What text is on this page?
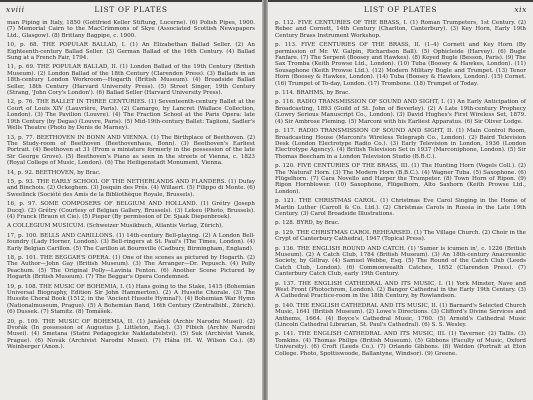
xviii	LIST OF PLATES
man Piping in Italy, 1850 (Gottfried Keller Stiftung, Lucerne). (6) Polish Pipes, 1900. (7) Memorial Cairn to the MacCrimmons of Skye (Associated Scottish Newspapers Ltd., Glasgow). (8) Brittany Bagpipe, c. 1900.
10, p. 68. THE POPULAR BALLAD, I. (1) An Elizabethan Ballad Seller. (2) An Eighteenth-century Ballad Seller. (3) German Ballad of the 16th Century. (4) Ballad Sung at a French Fair, 1794.
11, p. 69. THE POPULAR BALLAD, II. (1) London Ballad of the 19th Century (British Museum). (2) London Ballad of the 18th Century (Clarendon Press). (3) Ballads in an 18th-century London Workroom—Hogarth (British Museum). (4) Broadside Ballad Seller, 18th Century (Harvard University Press). (5) Street Singer, 19th Century (Strang, 'John Cory's London'). (6) Ballad Seller (Harvard University Press).
12, p. 76. THE BALLET IN THREE CENTURIES. (1) Seventeenth-century Ballet at the Court of Louis XIV (Lauvrière, Paris). (2) Camargo, by Lancret (Wallace Collection, London). (3) The Pavilion (Louvre). (4) The Fraction School at the Paris Opera: late 19th Century (by Degas) (Louvre, Paris). (5) Mid-19th-century Ballet: Taglioni, Sadler's Wells Theatre (Photo by Denis de Marney).
13, p. 77. BEETHOVEN IN BONN AND VIENNA. (1) The Birthplace of Beethoven. (2) The Study-room of Beethoven (Beethovenhaus, Bonn). (3) Beethoven's Earliest Portrait. (4) Beethoven at 31 (From a miniature formerly in the possession of the late Sir George Grove). (5) Beethoven's Piano as seen in the streets of Vienna, c. 1823 (Royal College of Music, London). (6) The Heiligenstadt Monument, Vienna.
14, p. 92. BEETHOVEN, by Brac.
15, p. 93. THE EARLY SCHOOL OF THE NETHERLANDS AND FLANDERS. (1) Dufay and Binchois. (2) Ockeghem. (3) Josquin des Prés. (4) Willaert. (5) Filippo di Monte. (6) Sweelinck (Société des Amis de la Bibliothèque Royale, Brussels).
16, p. 97. SOME COMPOSERS OF BELGIUM AND HOLLAND. (1) Grétry (Joseph Ducq). (2) Grétry (Courtesy of Belgian Gallery, Brussels). (3) Lekeu (Photo, Brussels). (4) Franck (Braun et Cie). (5) Pieper (By permission of Dr. Sjaak Diepenbroek).
A COLLEGIUM MUSICUM. (Schweizer Musikbuch, Atlantis Verlag, Zürich).
17, p. 100. BELLS AND CARILLONS. (1) 14th-century Bell-playing. (2) A London Bell-foundry (Lady Horner, London). (3) Bell-ringers at St. Paul's (The Times, London). (4) Early Belgian Carillon. (5) The Carillon at Bournville (Cadbury, Birmingham, England).
18, p. 101. THE BEGGAR'S OPERA. (1) One of the scenes as pictured by Hogarth. (2) The Author—John Gay (British Museum). (3) The Arranger—Dr. Pepusch. (4) Polly Peachum. (5) The Original Polly—Lavinia Fenton. (6) Another Scene Pictured by Hogarth (British Museum). (7) The Beggar's Opera Condemned.
19, p. 108. THE MUSIC OF BOHEMIA, I. (1) Hans going to the Stake, 1415 (Bohemian Universal Biography, Edition Sir John Hammerton). (2) A Hussite Chorale. (3) The Hussite Choral Book (1512, in the 'Ancient Hussite Hymnal'). (4) Bohemian War Hymn (Nationalmuseum, Prague). (5) A Bohemian Band, 16th Century (Zentralbibl., Zürich). (6) Dussek. (7) Stamitz. (8) Tomášek.
20, p. 109. THE MUSIC OF BOHEMIA, II. (1) Janáček (Archiv Narodni Musei). (2) Dvořák (In possession of Augustus J. Littleton, Esq.). (3) Fibich (Archiv Narodni Musei). (4) Smetana (Statni Pedagogicke Nakladatelstvi). (5) Suk (Archivist Vanek, Prague). (6) Novák (Archivist Narodni Musei). (7) Hába (H. W. Wilson Co.). (8) Weinberger (Anon.).
LIST OF PLATES	xix
p. 112. FIVE CENTURIES OF THE BRASS, I. (1) Roman Trumpeters, 1st Century. (2) Rebec and Cornett, 14th Century (Charlton, Canterbury). (3) Key Horn, Early 19th Century Brass Instrument Workshop.
p. 113. FIVE CENTURIES OF THE BRASS, II. (1–4) Cornett and Key Horn (By permission of Mr. W. Galpin, Richardson Ball). (5) Ophicleide (Harvey). (6) Bugle Fanfare. (7) The Serpent (Boosey and Hawkes). (8) Keyed Bugle (Besson, Paris). (9) The Sax Tromba (Keith Prowse Ltd., London). (10) Tuba (Boosey & Hawkes, London). (11) Sousaphone (Keith Prowse Ltd.). (12) Modern Military Bugle and Trumpet. (13) Tenor Horn (Boosey & Hawkes, London). (14) Tuba (Boosey & Hawkes, London). (15) Cornet. (16) Trumpet of To-day, London. (17) Trombone. (18) Trumpet of Today.
p. 114. BRAHMS, by Brac.
p. 116. RADIO TRANSMISSION OF SOUND AND SIGHT, I. (1) An Early Anticipation of Broadcasting, 1893 (Guild of St. John of Beverley). (2) A Late 19th-century Prophecy (Lowry Serious Manuscript Co., London). (3) David Hughes's First Wireless Set, 1879. (4) Sir Ambrose Fleming. (5) Marconi with his Earliest Apparatus. (6) Sir Oliver Lodge.
p. 117. RADIO TRANSMISSION OF SOUND AND SIGHT, II. (1) Main Control Room, Broadcasting House (Marconi's Wireless Telegraph Co., London). (2) Baird Television Desk (London Electrotype Radio Co.). (3) Early Television in London, 1936 (London Electrotype Agency). (4) British Television Set in 1937 (Marconiphone, London). (5) Sir Thomas Beecham in a London Television Studio (B.B.C.).
p. 120. FIVE CENTURIES OF THE BRASS, III. (1) The Hunting Horn (Vogels Coll.). (2) The 'Natural' Horn. (3) The Modern Horn (B.B.C.). (4) Wagner Tuba. (5) Saxophone. (6) Flügelhorn. (7) Cara Novello and Harper the Trumpeter. (8) Town Horn of Ripon. (9) Ripon Hornblower. (10) Saxophone, Flügelhorn, Alto Saxhorn (Keith Prowse Ltd., London).
p. 121. THE CHRISTMAS CAROL. (1) Christmas Eve Carol Singing in the Home of Martin Luther (Carroll & Co. Ltd.). (2) Christmas Carols in Russia in the Late 19th Century. (3) Carol Broadside Illustrations.
p. 128. BYRD, by Brac.
p. 129. THE CHRISTMAS CAROL REHEARSED. (1) The Village Church. (2) Choir in the Crypt of Canterbury Cathedral, 1947 (Topical Press).
p. 136. THE ENGLISH ROUND AND CATCH. (1) 'Sumer is icumen in', c. 1226 (British Museum). (2) A Catch Club, 1784 (British Museum). (3) An 18th-century Anacreontic Society, by Gillray. (4) Samuel Webbe, Esq. (5) The Round of the Catch Club (Leeds Catch Club, London). (6) Commonwealth Catches, 1652 (Clarendon Press). (7) Canterbury Catch Club, early 19th Century.
p. 137. THE ENGLISH CATHEDRAL AND ITS MUSIC, I. (1) York Minster, Nave and West Front (Photochrom, London). (2) Bangor Cathedral in the Early 19th Century. (3) A Cathedral Practice-room in the 18th Century, by Rowlandson.
p. 140. THE ENGLISH CATHEDRAL AND ITS MUSIC, II. (1) Barnard's Selected Church Music, 1641 (British Museum). (2) Lowe's Directions. (3) Clifford's Divine Services and Anthems, 1664. (4) Boyce's Cathedral Music, 1760. (5) Arnold's Cathedral Music (Lincoln Cathedral Librarian, St. Paul's Cathedral). (6) S. S. Wesley.
p. 141. THE ENGLISH CATHEDRAL AND ITS MUSIC, III. (1) Taverner. (2) Tallis. (3) Tomkins. (4) Thomas Philips (British Museum). (5) Gibbons (Faculty of Music, Oxford University). (6) Croft (Leeds Co.). (7) Orlando Gibbons. (8) Weldon (Portrait at Eton College. Photo, Spottiswoode, Ballantyne, Windsor). (9) Greene.
